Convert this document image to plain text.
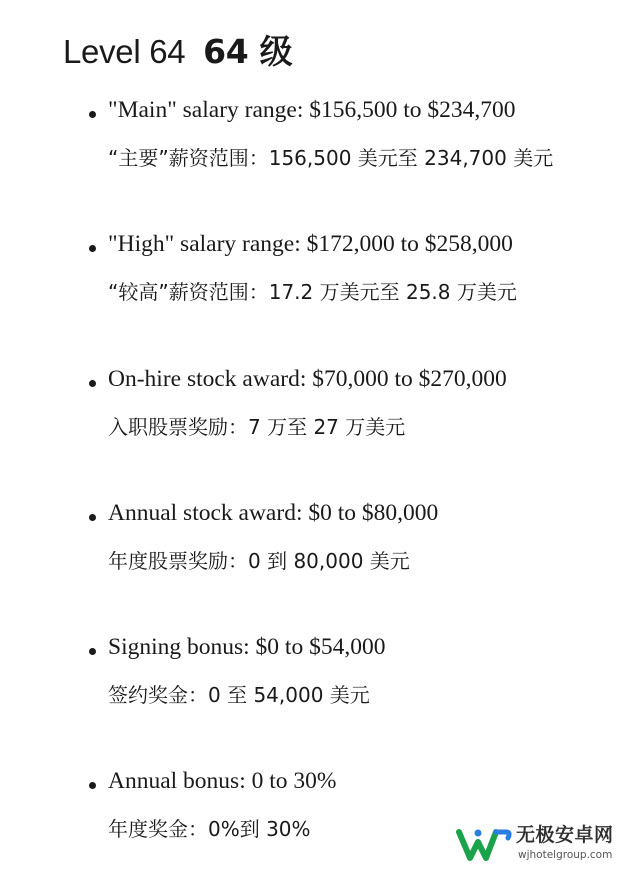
Level 64 64 级
"Main" salary range: $156,500 to $234,700
“主要”薪资范围：156,500 美元至 234,700 美元
"High" salary range: $172,000 to $258,000
“较高”薪资范围：17.2 万美元至 25.8 万美元
On-hire stock award: $70,000 to $270,000
入职股票奖励：7 万至 27 万美元
Annual stock award: $0 to $80,000
年度股票奖励：0 到 80,000 美元
Signing bonus: $0 to $54,000
签约奖金：0 至 54,000 美元
Annual bonus: 0 to 30%
年度奖金：0%到 30%	无极安卓网
wjhotelgroup.com
